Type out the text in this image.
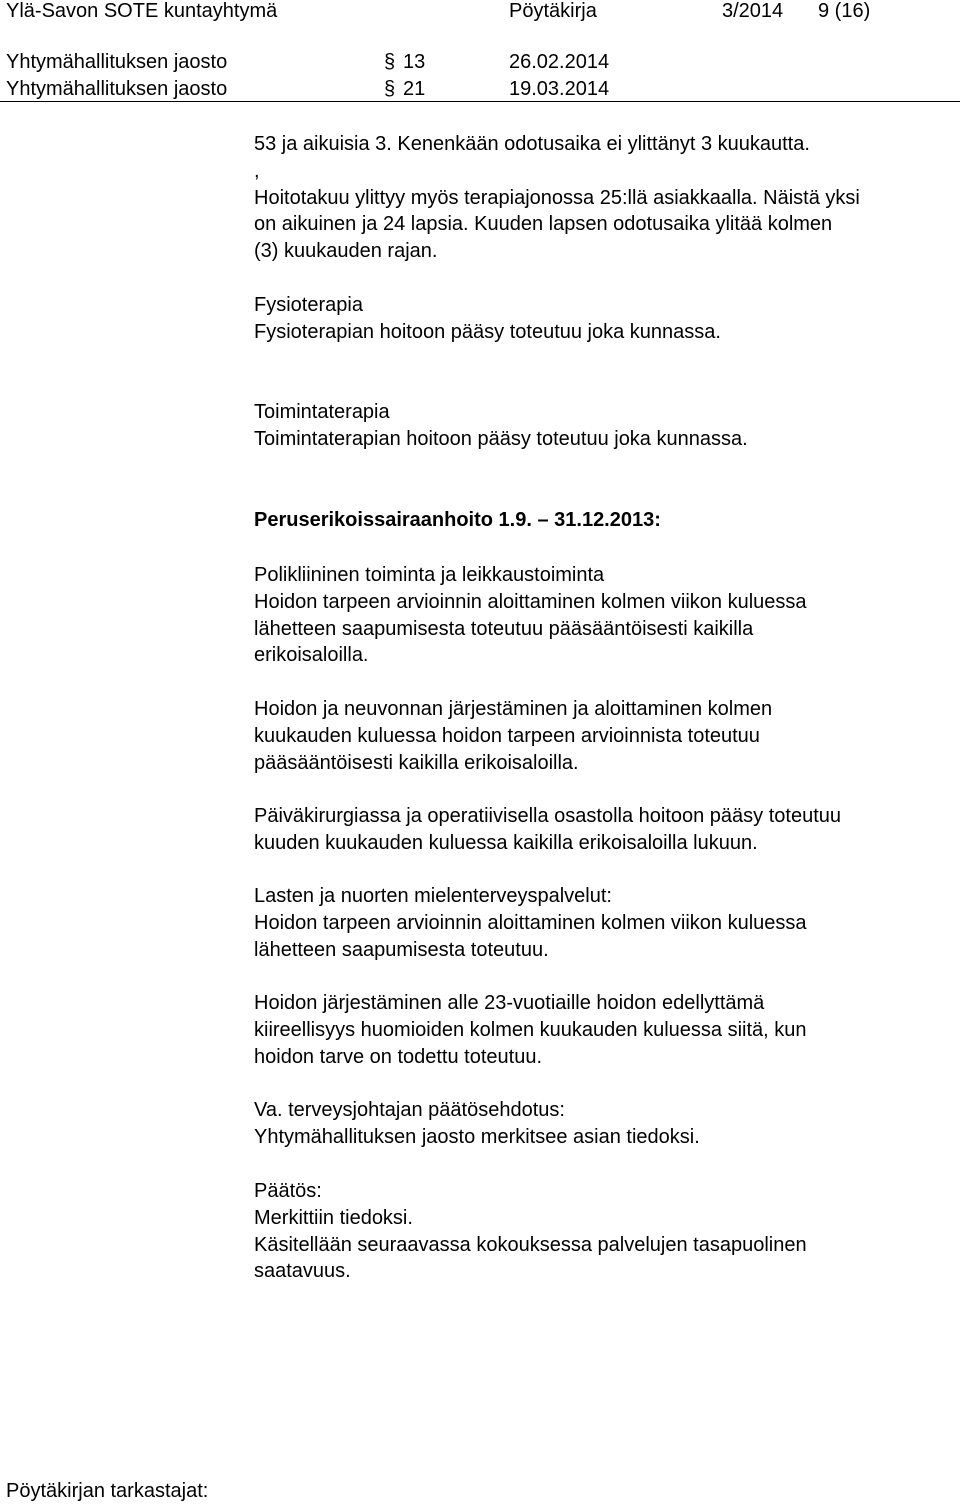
Ylä-Savon SOTE kuntayhtymä	Pöytäkirja	3/2014 9 (16)
Yhtymähallituksen jaosto	§ 13	26.02.2014
Yhtymähallituksen jaosto	§ 21	19.03.2014
53 ja aikuisia 3. Kenenkään odotusaika ei ylittänyt 3 kuukautta.
,
Hoitotakuu ylittyy myös terapiajonossa 25:llä asiakkaalla. Näistä yksi
on aikuinen ja 24 lapsia. Kuuden lapsen odotusaika ylitää kolmen
(3) kuukauden rajan.
Fysioterapia
Fysioterapian hoitoon pääsy toteutuu joka kunnassa.
Toimintaterapia
Toimintaterapian hoitoon pääsy toteutuu joka kunnassa.
Peruserikoissairaanhoito 1.9. – 31.12.2013:
Polikliininen toiminta ja leikkaustoiminta
Hoidon tarpeen arvioinnin aloittaminen kolmen viikon kuluessa
lähetteen saapumisesta toteutuu pääsääntöisesti kaikilla
erikoisaloilla.
Hoidon ja neuvonnan järjestäminen ja aloittaminen kolmen
kuukauden kuluessa hoidon tarpeen arvioinnista toteutuu
pääsääntöisesti kaikilla erikoisaloilla.
Päiväkirurgiassa ja operatiivisella osastolla hoitoon pääsy toteutuu
kuuden kuukauden kuluessa kaikilla erikoisaloilla lukuun.
Lasten ja nuorten mielenterveyspalvelut:
Hoidon tarpeen arvioinnin aloittaminen kolmen viikon kuluessa
lähetteen saapumisesta toteutuu.
Hoidon järjestäminen alle 23-vuotiaille hoidon edellyttämä
kiireellisyys huomioiden kolmen kuukauden kuluessa siitä, kun
hoidon tarve on todettu toteutuu.
Va. terveysjohtajan päätösehdotus:
Yhtymähallituksen jaosto merkitsee asian tiedoksi.
Päätös:
Merkittiin tiedoksi.
Käsitellään seuraavassa kokouksessa palvelujen tasapuolinen
saatavuus.
Pöytäkirjan tarkastajat:
